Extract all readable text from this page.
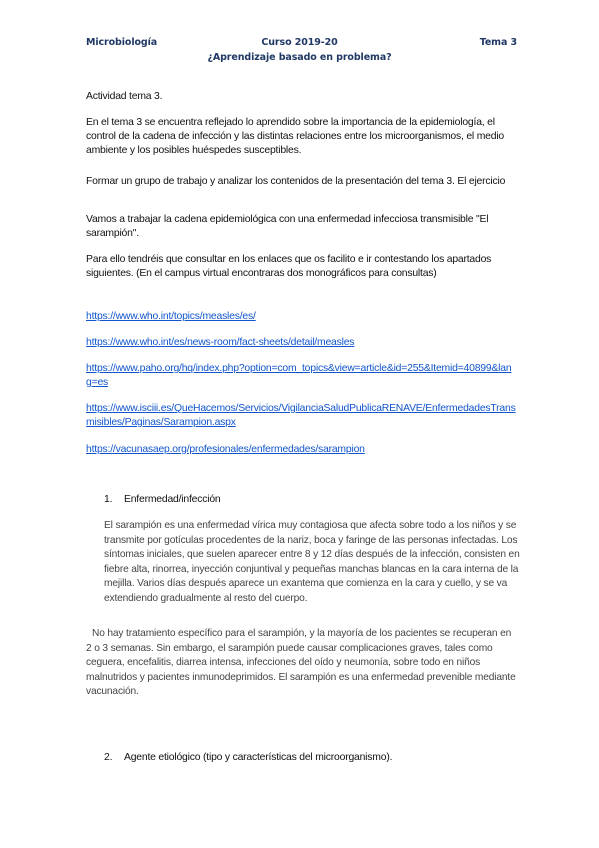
Microbiología	Curso 2019-20	Tema 3
¿Aprendizaje basado en problema?
Actividad tema 3.
En el tema 3 se encuentra reflejado lo aprendido sobre la importancia de la epidemiología, el control de la cadena de infección y las distintas relaciones entre los microorganismos, el medio ambiente y los posibles huéspedes susceptibles.
Formar un grupo de trabajo y analizar los contenidos de la presentación del tema 3. El ejercicio
Vamos a trabajar la cadena epidemiológica con una enfermedad infecciosa transmisible "El sarampión".
Para ello tendréis que consultar en los enlaces que os facilito e ir contestando los apartados siguientes. (En el campus virtual encontraras dos monográficos para consultas)
https://www.who.int/topics/measles/es/
https://www.who.int/es/news-room/fact-sheets/detail/measles
https://www.paho.org/hq/index.php?option=com_topics&view=article&id=255&Itemid=40899&lang=es
https://www.isciii.es/QueHacemos/Servicios/VigilanciaSaludPublicaRENAVE/EnfermedadesTransmisibles/Paginas/Sarampion.aspx
https://vacunasaep.org/profesionales/enfermedades/sarampion
1. Enfermedad/infección
El sarampión es una enfermedad vírica muy contagiosa que afecta sobre todo a los niños y se transmite por gotículas procedentes de la nariz, boca y faringe de las personas infectadas. Los síntomas iniciales, que suelen aparecer entre 8 y 12 días después de la infección, consisten en fiebre alta, rinorrea, inyección conjuntival y pequeñas manchas blancas en la cara interna de la mejilla. Varios días después aparece un exantema que comienza en la cara y cuello, y se va extendiendo gradualmente al resto del cuerpo.
No hay tratamiento específico para el sarampión, y la mayoría de los pacientes se recuperan en 2 o 3 semanas. Sin embargo, el sarampión puede causar complicaciones graves, tales como ceguera, encefalitis, diarrea intensa, infecciones del oído y neumonía, sobre todo en niños malnutridos y pacientes inmunodeprimidos. El sarampión es una enfermedad prevenible mediante vacunación.
2. Agente etiológico (tipo y características del microorganismo).
